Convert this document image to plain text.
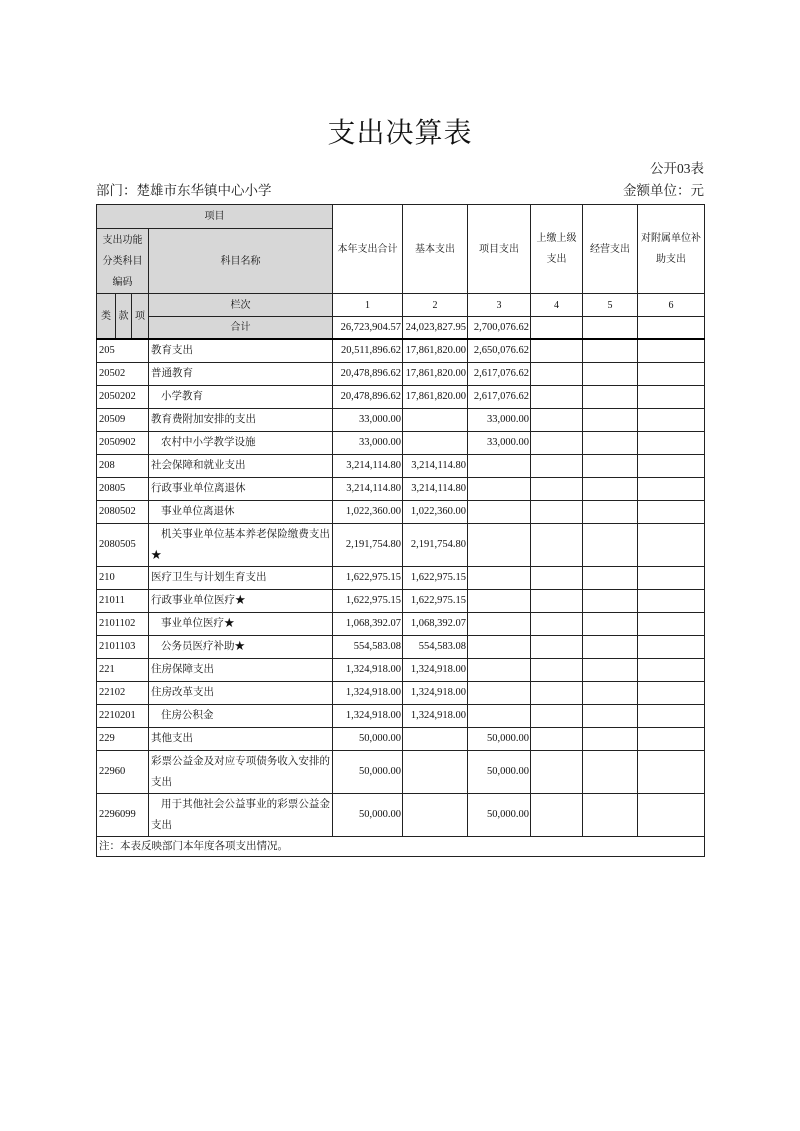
支出决算表
公开03表
部门：楚雄市东华镇中心小学	金额单位：元
项目				本年支出合计	基本支出	项目支出	上缴上级支出	经营支出	对附属单位补助支出
支出功能分类科目编码			科目名称						
类	款	项	栏次	1	2	3	4	5	6
			合计	26,723,904.57	24,023,827.95	2,700,076.62			
205			教育支出	20,511,896.62	17,861,820.00	2,650,076.62			
20502			普通教育	20,478,896.62	17,861,820.00	2,617,076.62			
2050202			小学教育	20,478,896.62	17,861,820.00	2,617,076.62			
20509			教育费附加安排的支出	33,000.00		33,000.00			
2050902			农村中小学教学设施	33,000.00		33,000.00			
208			社会保障和就业支出	3,214,114.80	3,214,114.80				
20805			行政事业单位离退休	3,214,114.80	3,214,114.80				
2080502			事业单位离退休	1,022,360.00	1,022,360.00				
2080505			机关事业单位基本养老保险缴费支出★	2,191,754.80	2,191,754.80				
210			医疗卫生与计划生育支出	1,622,975.15	1,622,975.15				
21011			行政事业单位医疗★	1,622,975.15	1,622,975.15				
2101102			事业单位医疗★	1,068,392.07	1,068,392.07				
2101103			公务员医疗补助★	554,583.08	554,583.08				
221			住房保障支出	1,324,918.00	1,324,918.00				
22102			住房改革支出	1,324,918.00	1,324,918.00				
2210201			住房公积金	1,324,918.00	1,324,918.00				
229			其他支出	50,000.00		50,000.00			
22960			彩票公益金及对应专项债务收入安排的支出	50,000.00		50,000.00			
2296099			用于其他社会公益事业的彩票公益金支出	50,000.00		50,000.00			
注：本表反映部门本年度各项支出情况。									
